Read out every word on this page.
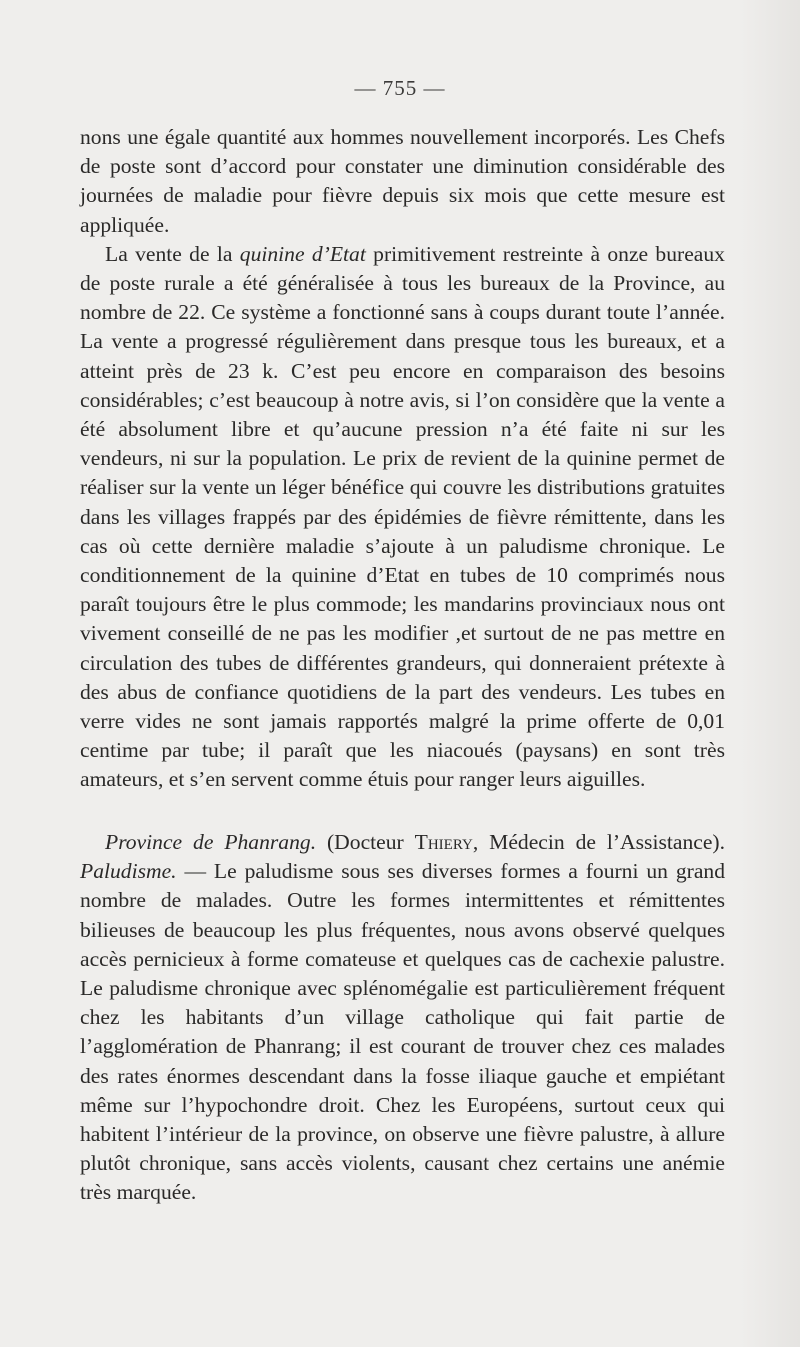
— 755 —

nons une égale quantité aux hommes nouvellement incorporés. Les Chefs de poste sont d’accord pour constater une diminution considérable des journées de maladie pour fièvre depuis six mois que cette mesure est appliquée.

La vente de la quinine d’Etat primitivement restreinte à onze bureaux de poste rurale a été généralisée à tous les bureaux de la Province, au nombre de 22. Ce système a fonctionné sans à coups durant toute l’année. La vente a progressé régulièrement dans presque tous les bureaux, et a atteint près de 23 k. C’est peu encore en comparaison des besoins considérables; c’est beaucoup à notre avis, si l’on considère que la vente a été absolument libre et qu’aucune pression n’a été faite ni sur les vendeurs, ni sur la population. Le prix de revient de la quinine permet de réaliser sur la vente un léger bénéfice qui couvre les distributions gratuites dans les villages frappés par des épidémies de fièvre rémittente, dans les cas où cette dernière maladie s’ajoute à un paludisme chronique. Le conditionnement de la quinine d’Etat en tubes de 10 comprimés nous paraît toujours être le plus commode; les mandarins provinciaux nous ont vivement conseillé de ne pas les modifier ,et surtout de ne pas mettre en circulation des tubes de différentes grandeurs, qui donneraient prétexte à des abus de confiance quotidiens de la part des vendeurs. Les tubes en verre vides ne sont jamais rapportés malgré la prime offerte de 0,01 centime par tube; il paraît que les niacoués (paysans) en sont très amateurs, et s’en servent comme étuis pour ranger leurs aiguilles.

Province de Phanrang. (Docteur Thiery, Médecin de l’Assistance). Paludisme. — Le paludisme sous ses diverses formes a fourni un grand nombre de malades. Outre les formes intermittentes et rémittentes bilieuses de beaucoup les plus fréquentes, nous avons observé quelques accès pernicieux à forme comateuse et quelques cas de cachexie palustre. Le paludisme chronique avec splénomégalie est particulièrement fréquent chez les habitants d’un village catholique qui fait partie de l’agglomération de Phanrang; il est courant de trouver chez ces malades des rates énormes descendant dans la fosse iliaque gauche et empiétant même sur l’hypochondre droit. Chez les Européens, surtout ceux qui habitent l’intérieur de la province, on observe une fièvre palustre, à allure plutôt chronique, sans accès violents, causant chez certains une anémie très marquée.
